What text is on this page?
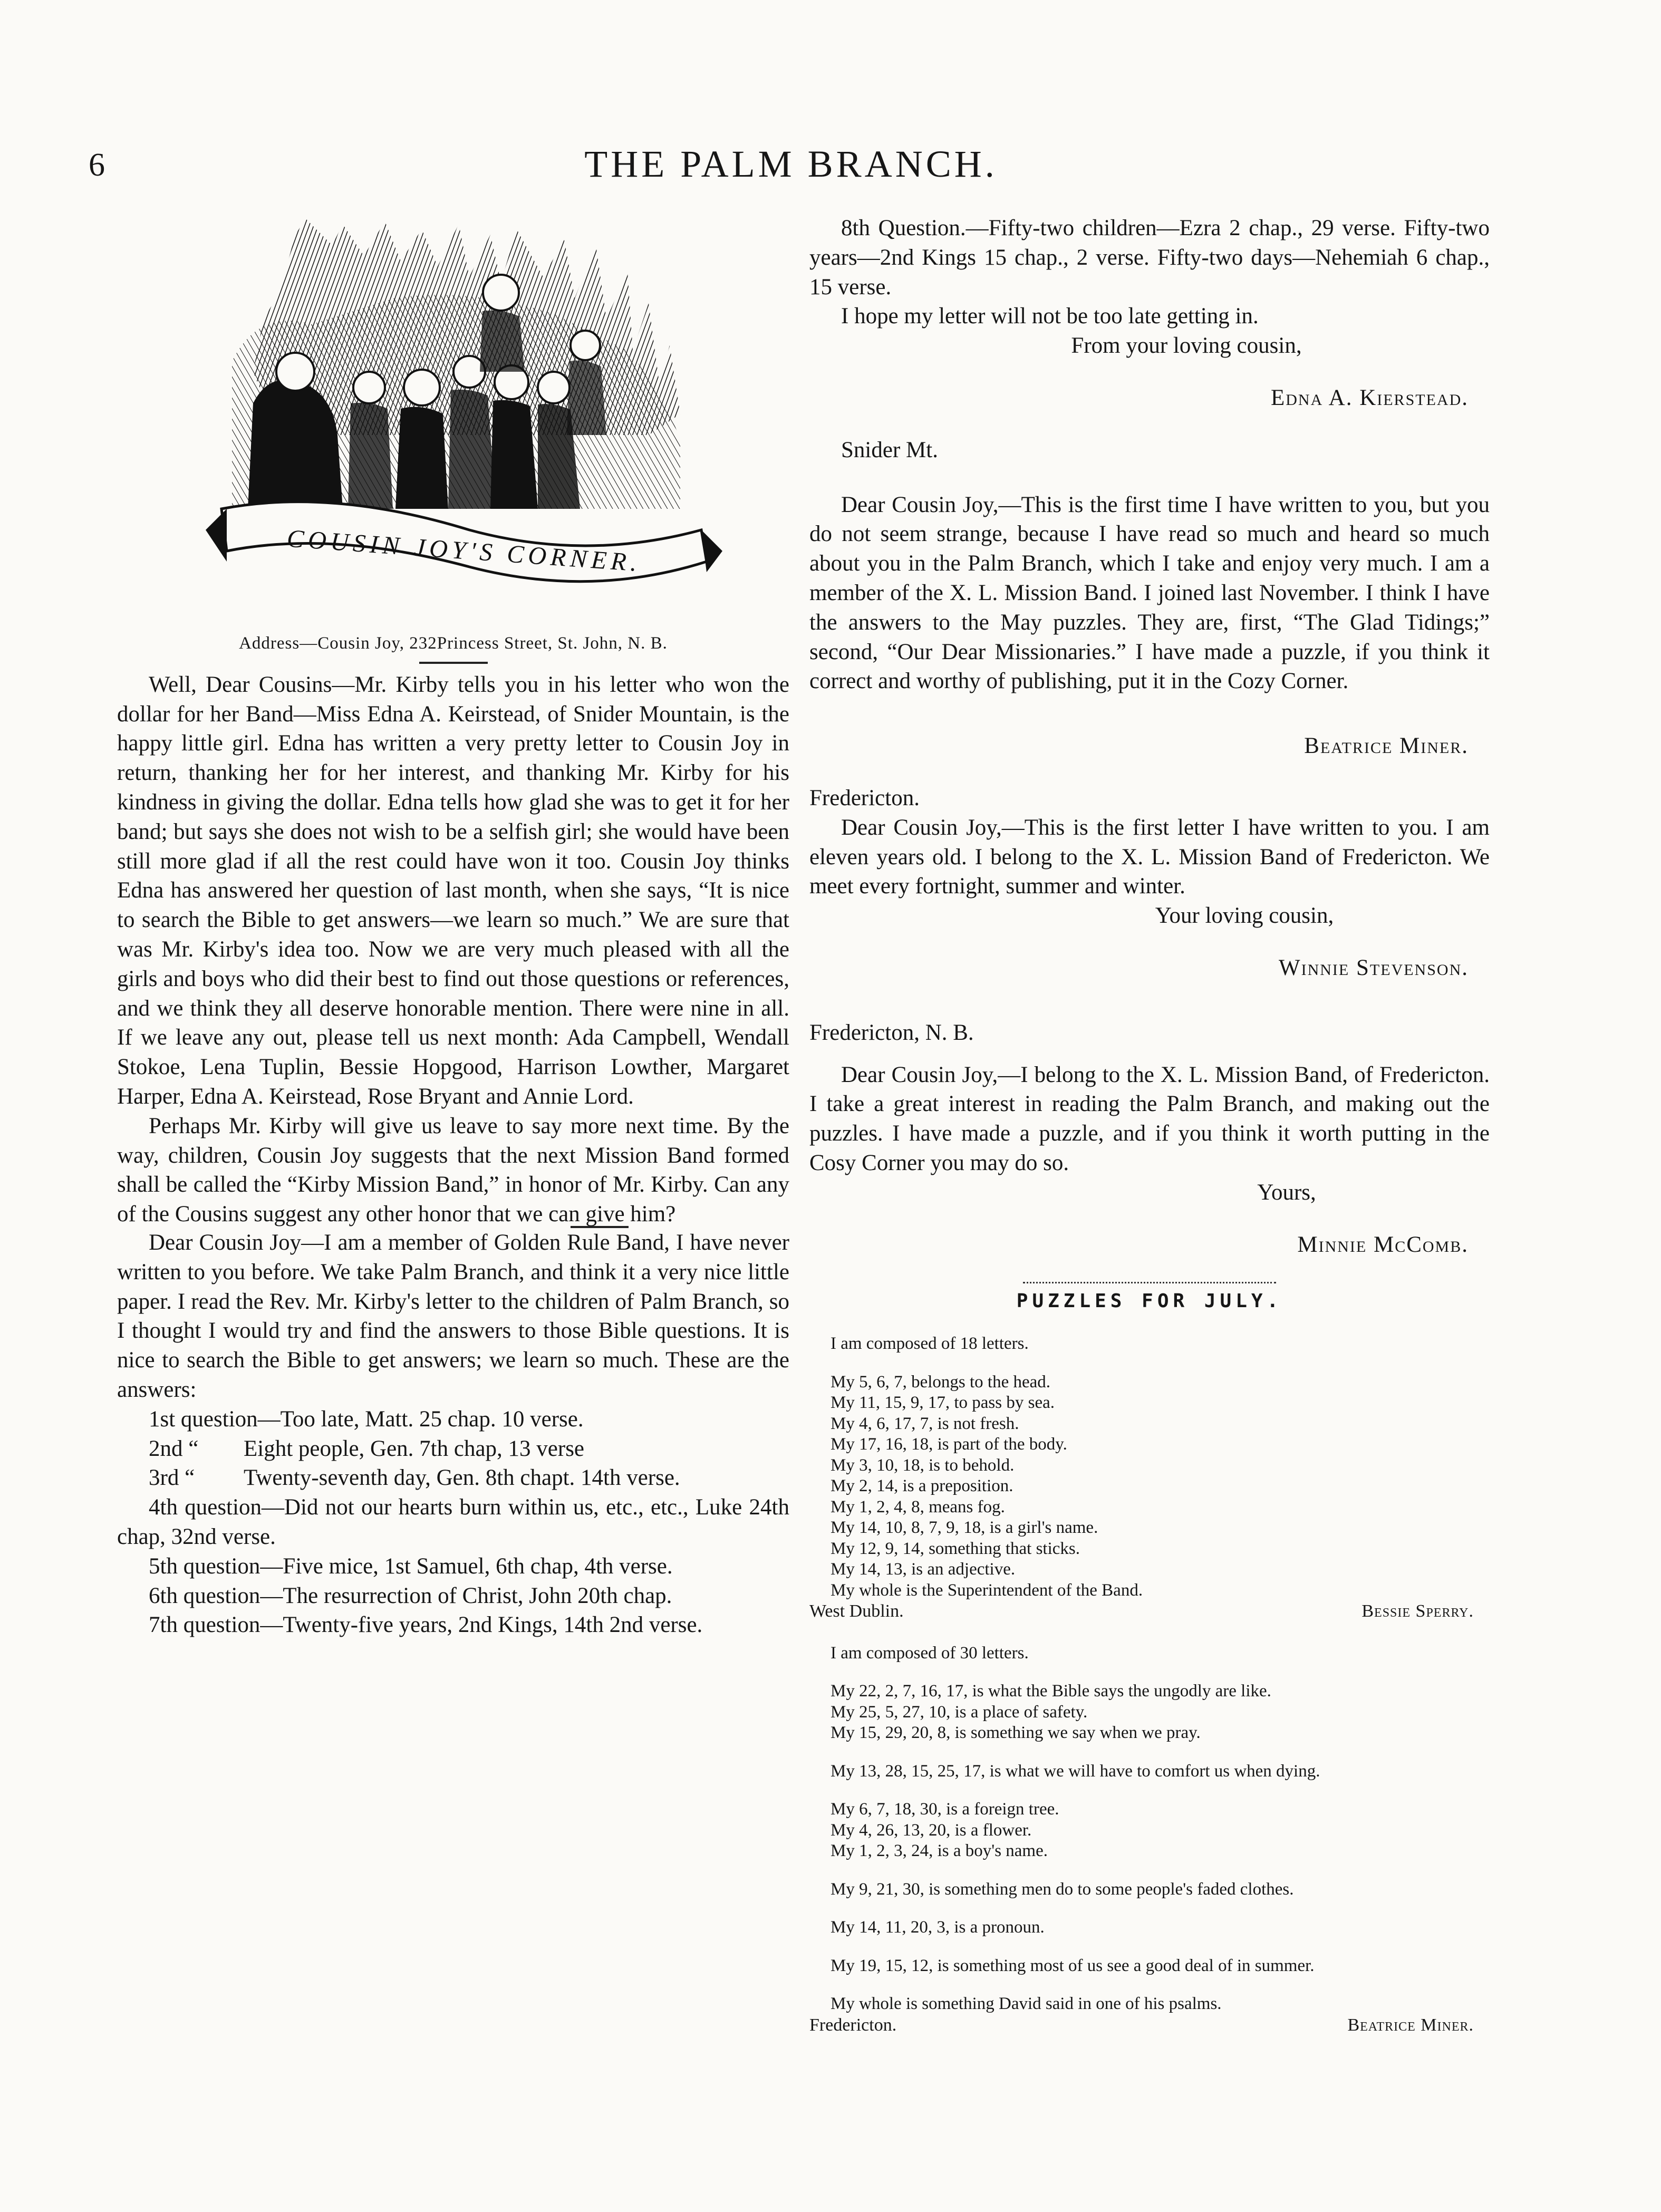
6	THE PALM BRANCH.
COUSIN JOY'S CORNER.
Address—Cousin Joy, 232Princess Street, St. John, N. B.

Well, Dear Cousins—Mr. Kirby tells you in his letter who won the dollar for her Band—Miss Edna A. Keirstead, of Snider Mountain, is the happy little girl. Edna has written a very pretty letter to Cousin Joy in return, thanking her for her interest, and thanking Mr. Kirby for his kindness in giving the dollar. Edna tells how glad she was to get it for her band; but says she does not wish to be a selfish girl; she would have been still more glad if all the rest could have won it too. Cousin Joy thinks Edna has answered her question of last month, when she says, “It is nice to search the Bible to get answers—we learn so much.” We are sure that was Mr. Kirby's idea too. Now we are very much pleased with all the girls and boys who did their best to find out those questions or references, and we think they all deserve honorable mention. There were nine in all. If we leave any out, please tell us next month: Ada Campbell, Wendall Stokoe, Lena Tuplin, Bessie Hopgood, Harrison Lowther, Margaret Harper, Edna A. Keirstead, Rose Bryant and Annie Lord.

Perhaps Mr. Kirby will give us leave to say more next time. By the way, children, Cousin Joy suggests that the next Mission Band formed shall be called the “Kirby Mission Band,” in honor of Mr. Kirby. Can any of the Cousins suggest any other honor that we can give him?

Dear Cousin Joy—I am a member of Golden Rule Band, I have never written to you before. We take Palm Branch, and think it a very nice little paper. I read the Rev. Mr. Kirby's letter to the children of Palm Branch, so I thought I would try and find the answers to those Bible questions. It is nice to search the Bible to get answers; we learn so much. These are the answers:

1st question—Too late, Matt. 25 chap. 10 verse.

2nd “ Eight people, Gen. 7th chap, 13 verse

3rd “ Twenty-seventh day, Gen. 8th chapt. 14th verse.

4th question—Did not our hearts burn within us, etc., etc., Luke 24th chap, 32nd verse.

5th question—Five mice, 1st Samuel, 6th chap, 4th verse.

6th question—The resurrection of Christ, John 20th chap.

7th question—Twenty-five years, 2nd Kings, 14th 2nd verse.

8th Question.—Fifty-two children—Ezra 2 chap., 29 verse. Fifty-two years—2nd Kings 15 chap., 2 verse. Fifty-two days—Nehemiah 6 chap., 15 verse.

I hope my letter will not be too late getting in.

From your loving cousin,

Edna A. Kierstead.

Snider Mt.

Dear Cousin Joy,—This is the first time I have written to you, but you do not seem strange, because I have read so much and heard so much about you in the Palm Branch, which I take and enjoy very much. I am a member of the X. L. Mission Band. I joined last November. I think I have the answers to the May puzzles. They are, first, “The Glad Tidings;” second, “Our Dear Missionaries.” I have made a puzzle, if you think it correct and worthy of publishing, put it in the Cozy Corner.

Beatrice Miner.

Fredericton.

Dear Cousin Joy,—This is the first letter I have written to you. I am eleven years old. I belong to the X. L. Mission Band of Fredericton. We meet every fortnight, summer and winter.

Your loving cousin,

Winnie Stevenson.

Fredericton, N. B.

Dear Cousin Joy,—I belong to the X. L. Mission Band, of Fredericton. I take a great interest in reading the Palm Branch, and making out the puzzles. I have made a puzzle, and if you think it worth putting in the Cosy Corner you may do so.

Yours,

Minnie McComb.

PUZZLES FOR JULY.

I am composed of 18 letters.

My 5, 6, 7, belongs to the head.

My 11, 15, 9, 17, to pass by sea.

My 4, 6, 17, 7, is not fresh.

My 17, 16, 18, is part of the body.

My 3, 10, 18, is to behold.

My 2, 14, is a preposition.

My 1, 2, 4, 8, means fog.

My 14, 10, 8, 7, 9, 18, is a girl's name.

My 12, 9, 14, something that sticks.

My 14, 13, is an adjective.

My whole is the Superintendent of the Band.

West Dublin.	Bessie Sperry.

I am composed of 30 letters.

My 22, 2, 7, 16, 17, is what the Bible says the ungodly are like.

My 25, 5, 27, 10, is a place of safety.

My 15, 29, 20, 8, is something we say when we pray.

My 13, 28, 15, 25, 17, is what we will have to comfort us when dying.

My 6, 7, 18, 30, is a foreign tree.

My 4, 26, 13, 20, is a flower.

My 1, 2, 3, 24, is a boy's name.

My 9, 21, 30, is something men do to some people's faded clothes.

My 14, 11, 20, 3, is a pronoun.

My 19, 15, 12, is something most of us see a good deal of in summer.

My whole is something David said in one of his psalms.

Fredericton.	Beatrice Miner.
